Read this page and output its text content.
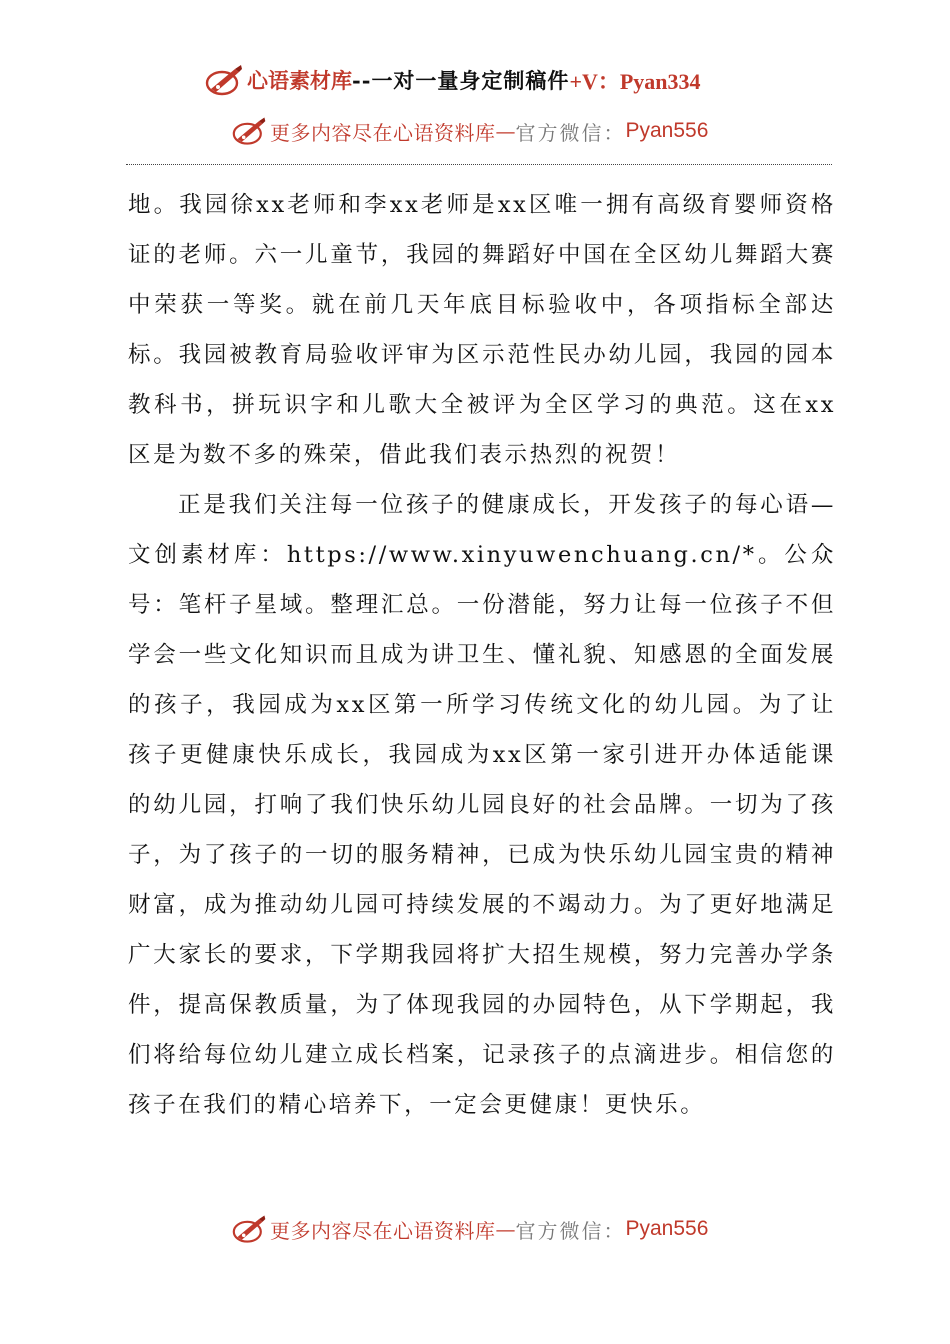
心语素材库 -- 一对一量身定制稿件 +V：Pyan334
更多内容尽在心语资料库 — 官方微信： Pyan556

地。我园徐xx老师和李xx老师是xx区唯一拥有高级育婴师资格证的老师。六一儿童节，我园的舞蹈好中国在全区幼儿舞蹈大赛中荣获一等奖。就在前几天年底目标验收中，各项指标全部达标。我园被教育局验收评审为区示范性民办幼儿园，我园的园本教科书，拼玩识字和儿歌大全被评为全区学习的典范。这在xx区是为数不多的殊荣，借此我们表示热烈的祝贺！

正是我们关注每一位孩子的健康成长，开发孩子的每心语—文创素材库：https://www.xinyuwenchuang.cn/*。公众号：笔杆子星域。整理汇总。一份潜能，努力让每一位孩子不但学会一些文化知识而且成为讲卫生、懂礼貌、知感恩的全面发展的孩子，我园成为xx区第一所学习传统文化的幼儿园。为了让孩子更健康快乐成长，我园成为xx区第一家引进开办体适能课的幼儿园，打响了我们快乐幼儿园良好的社会品牌。一切为了孩子，为了孩子的一切的服务精神，已成为快乐幼儿园宝贵的精神财富，成为推动幼儿园可持续发展的不竭动力。为了更好地满足广大家长的要求，下学期我园将扩大招生规模，努力完善办学条件，提高保教质量，为了体现我园的办园特色，从下学期起，我们将给每位幼儿建立成长档案，记录孩子的点滴进步。相信您的孩子在我们的精心培养下，一定会更健康！更快乐。

更多内容尽在心语资料库 — 官方微信： Pyan556
